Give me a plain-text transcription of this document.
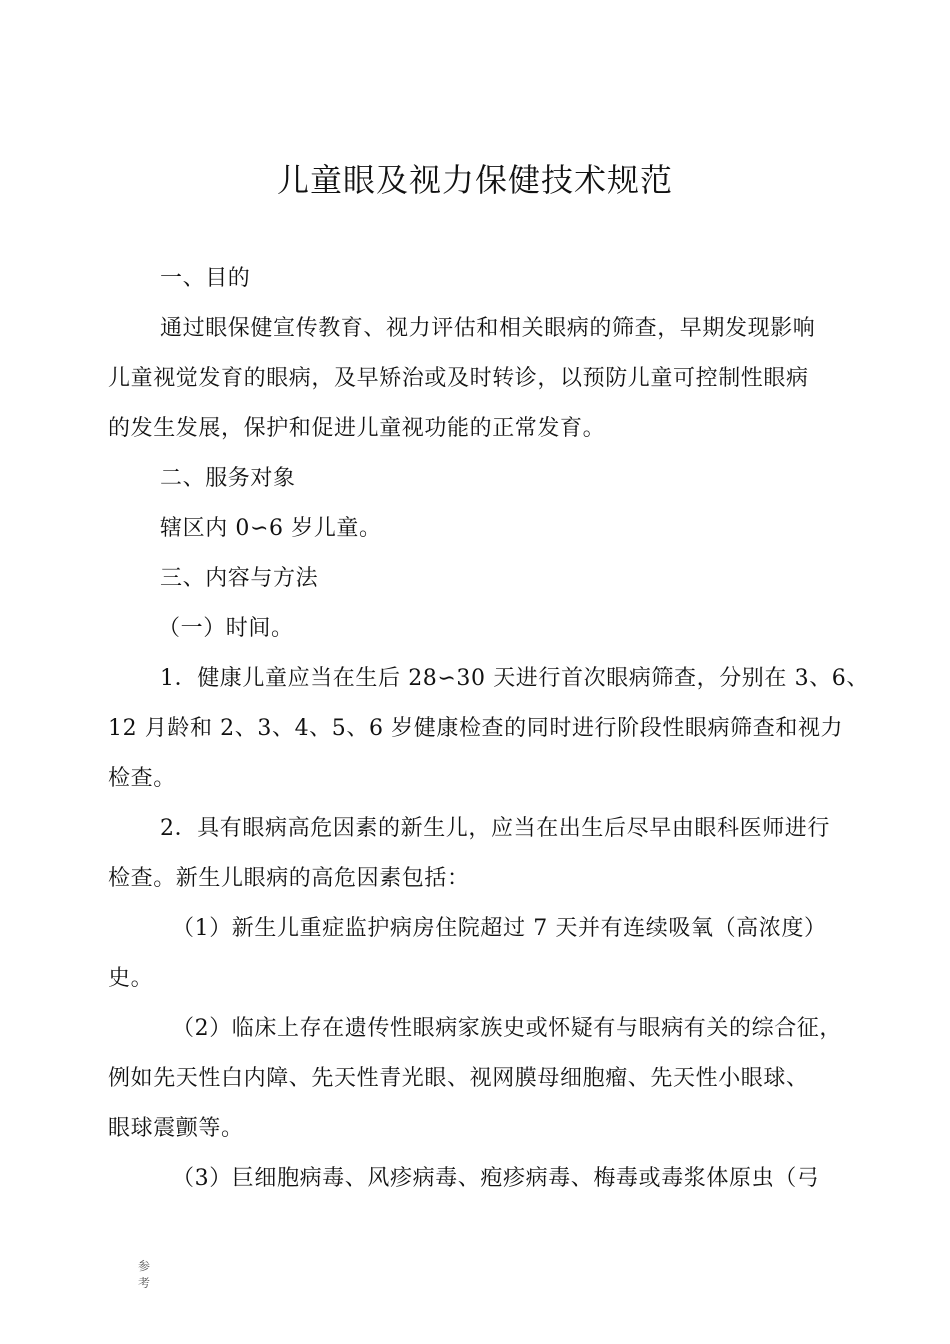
儿童眼及视力保健技术规范
一、目的
通过眼保健宣传教育、视力评估和相关眼病的筛查，早期发现影响
儿童视觉发育的眼病，及早矫治或及时转诊，以预防儿童可控制性眼病
的发生发展，保护和促进儿童视功能的正常发育。
二、服务对象
辖区内 0∽6 岁儿童。
三、内容与方法
（一）时间。
1．健康儿童应当在生后 28∽30 天进行首次眼病筛查，分别在 3、6、
12 月龄和 2、3、4、5、6 岁健康检查的同时进行阶段性眼病筛查和视力
检查。
2．具有眼病高危因素的新生儿，应当在出生后尽早由眼科医师进行
检查。新生儿眼病的高危因素包括：
（1）新生儿重症监护病房住院超过 7 天并有连续吸氧（高浓度）
史。
（2）临床上存在遗传性眼病家族史或怀疑有与眼病有关的综合征，
例如先天性白内障、先天性青光眼、视网膜母细胞瘤、先天性小眼球、
眼球震颤等。
（3）巨细胞病毒、风疹病毒、疱疹病毒、梅毒或毒浆体原虫（弓
参考
